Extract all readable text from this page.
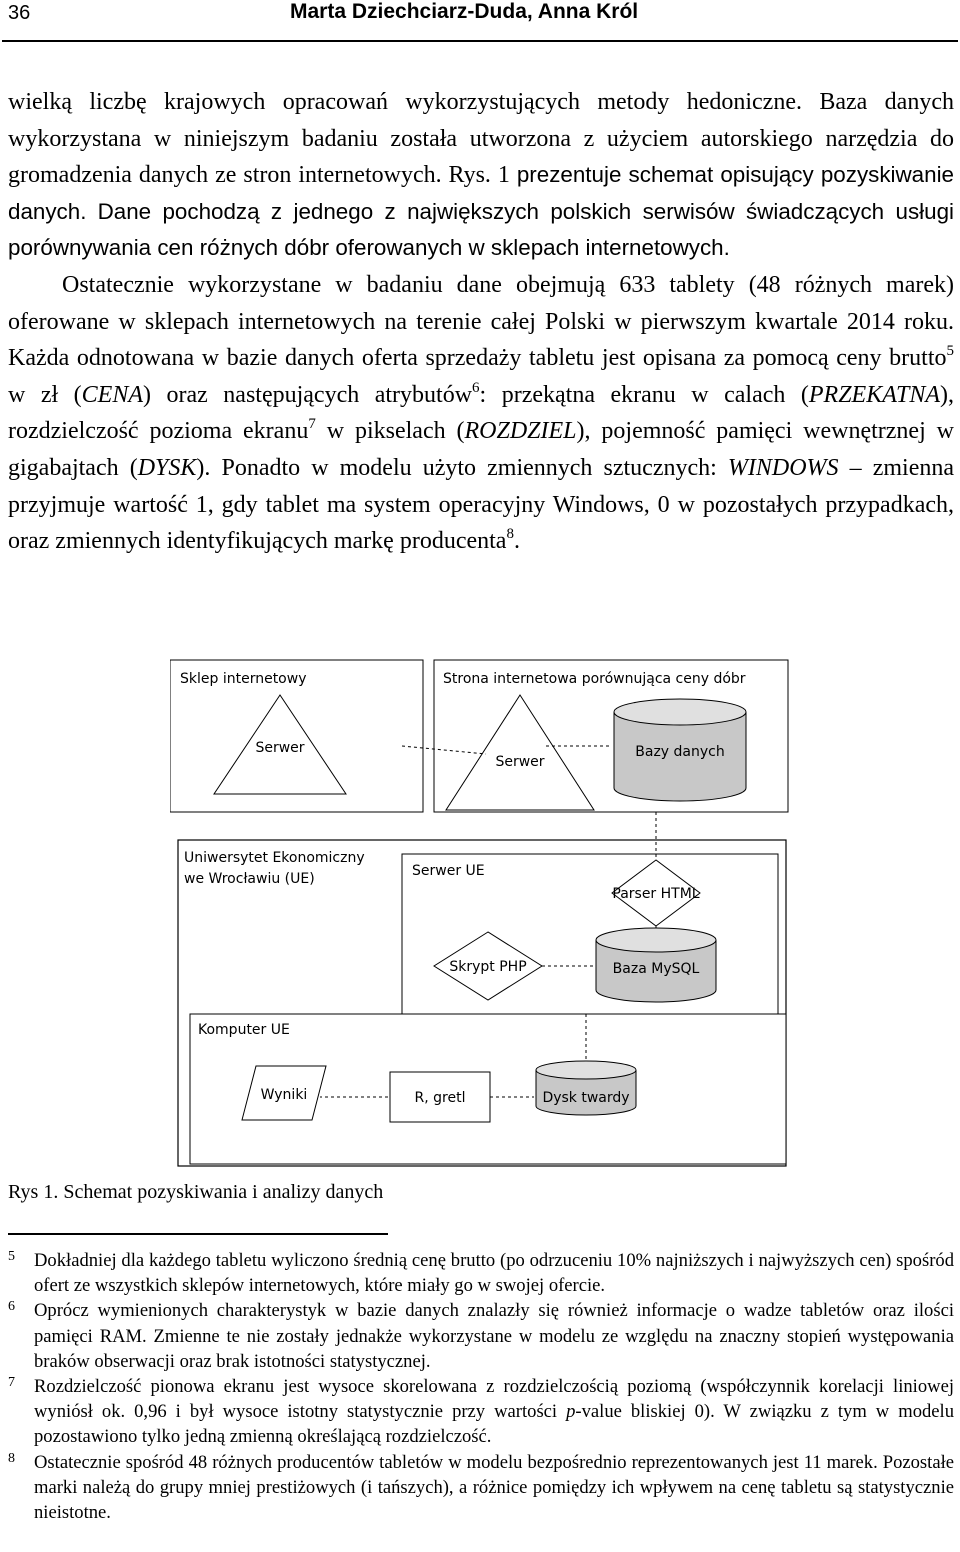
36	Marta Dziechciarz-Duda, Anna Król

wielką liczbę krajowych opracowań wykorzystujących metody hedoniczne. Baza danych wykorzystana w niniejszym badaniu została utworzona z użyciem autorskiego narzędzia do gromadzenia danych ze stron internetowych. Rys. 1 prezentuje schemat opisujący pozyskiwanie danych. Dane pochodzą z jednego z największych polskich serwisów świadczących usługi porównywania cen różnych dóbr oferowanych w sklepach internetowych.

Ostatecznie wykorzystane w badaniu dane obejmują 633 tablety (48 różnych marek) oferowane w sklepach internetowych na terenie całej Polski w pierwszym kwartale 2014 roku. Każda odnotowana w bazie danych oferta sprzedaży tabletu jest opisana za pomocą ceny brutto$^5$ w zł (CENA) oraz następujących atrybutów$^6$: przekątna ekranu w calach (PRZEKATNA), rozdzielczość pozioma ekranu$^7$ w pikselach (ROZDZIEL), pojemność pamięci wewnętrznej w gigabajtach (DYSK). Ponadto w modelu użyto zmiennych sztucznych: WINDOWS – zmienna przyjmuje wartość 1, gdy tablet ma system operacyjny Windows, 0 w pozostałych przypadkach, oraz zmiennych identyfikujących markę producenta$^8$.

Sklep internetowy
Serwer
Strona internetowa porównująca ceny dóbr
Serwer
Bazy danych
Uniwersytet Ekonomiczny
we Wrocławiu (UE)	Serwer UE
Parser HTML
Skrypt PHP	Baza MySQL
Komputer UE
Wyniki	R, gretl	Dysk twardy
Rys 1. Schemat pozyskiwania i analizy danych
5 Dokładniej dla każdego tabletu wyliczono średnią cenę brutto (po odrzuceniu 10% najniższych i najwyższych cen) spośród ofert ze wszystkich sklepów internetowych, które miały go w swojej ofercie.
6 Oprócz wymienionych charakterystyk w bazie danych znalazły się również informacje o wadze tabletów oraz ilości pamięci RAM. Zmienne te nie zostały jednakże wykorzystane w modelu ze względu na znaczny stopień występowania braków obserwacji oraz brak istotności statystycznej.
7 Rozdzielczość pionowa ekranu jest wysoce skorelowana z rozdzielczością poziomą (współczynnik korelacji liniowej wyniósł ok. 0,96 i był wysoce istotny statystycznie przy wartości p-value bliskiej 0). W związku z tym w modelu pozostawiono tylko jedną zmienną określającą rozdzielczość.
8 Ostatecznie spośród 48 różnych producentów tabletów w modelu bezpośrednio reprezentowanych jest 11 marek. Pozostałe marki należą do grupy mniej prestiżowych (i tańszych), a różnice pomiędzy ich wpływem na cenę tabletu są statystycznie nieistotne.
